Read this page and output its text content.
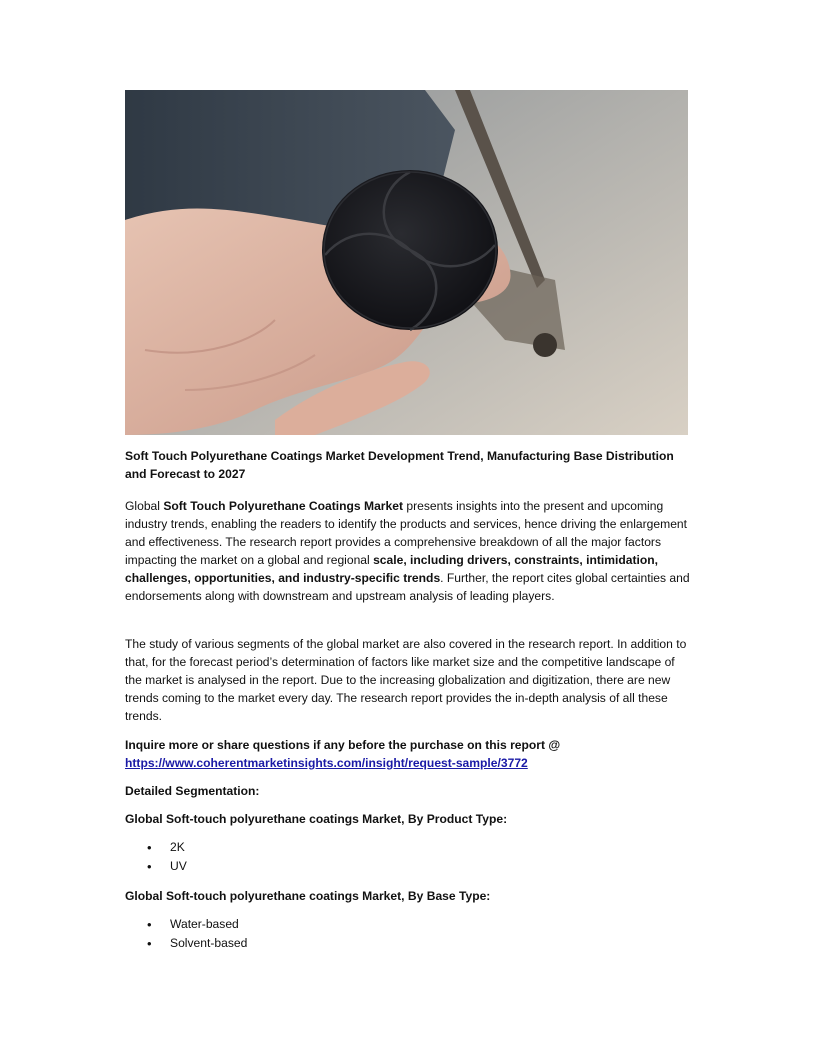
Soft Touch Polyurethane Coatings Market Development Trend, Manufacturing Base Distribution and Forecast to 2027

Global Soft Touch Polyurethane Coatings Market presents insights into the present and upcoming industry trends, enabling the readers to identify the products and services, hence driving the enlargement and effectiveness. The research report provides a comprehensive breakdown of all the major factors impacting the market on a global and regional scale, including drivers, constraints, intimidation, challenges, opportunities, and industry-specific trends. Further, the report cites global certainties and endorsements along with downstream and upstream analysis of leading players.

The study of various segments of the global market are also covered in the research report. In addition to that, for the forecast period’s determination of factors like market size and the competitive landscape of the market is analysed in the report. Due to the increasing globalization and digitization, there are new trends coming to the market every day. The research report provides the in-depth analysis of all these trends.

Inquire more or share questions if any before the purchase on this report @
https://www.coherentmarketinsights.com/insight/request-sample/3772

Detailed Segmentation:

Global Soft-touch polyurethane coatings Market, By Product Type:

• 2K
• UV

Global Soft-touch polyurethane coatings Market, By Base Type:

• Water-based
• Solvent-based
